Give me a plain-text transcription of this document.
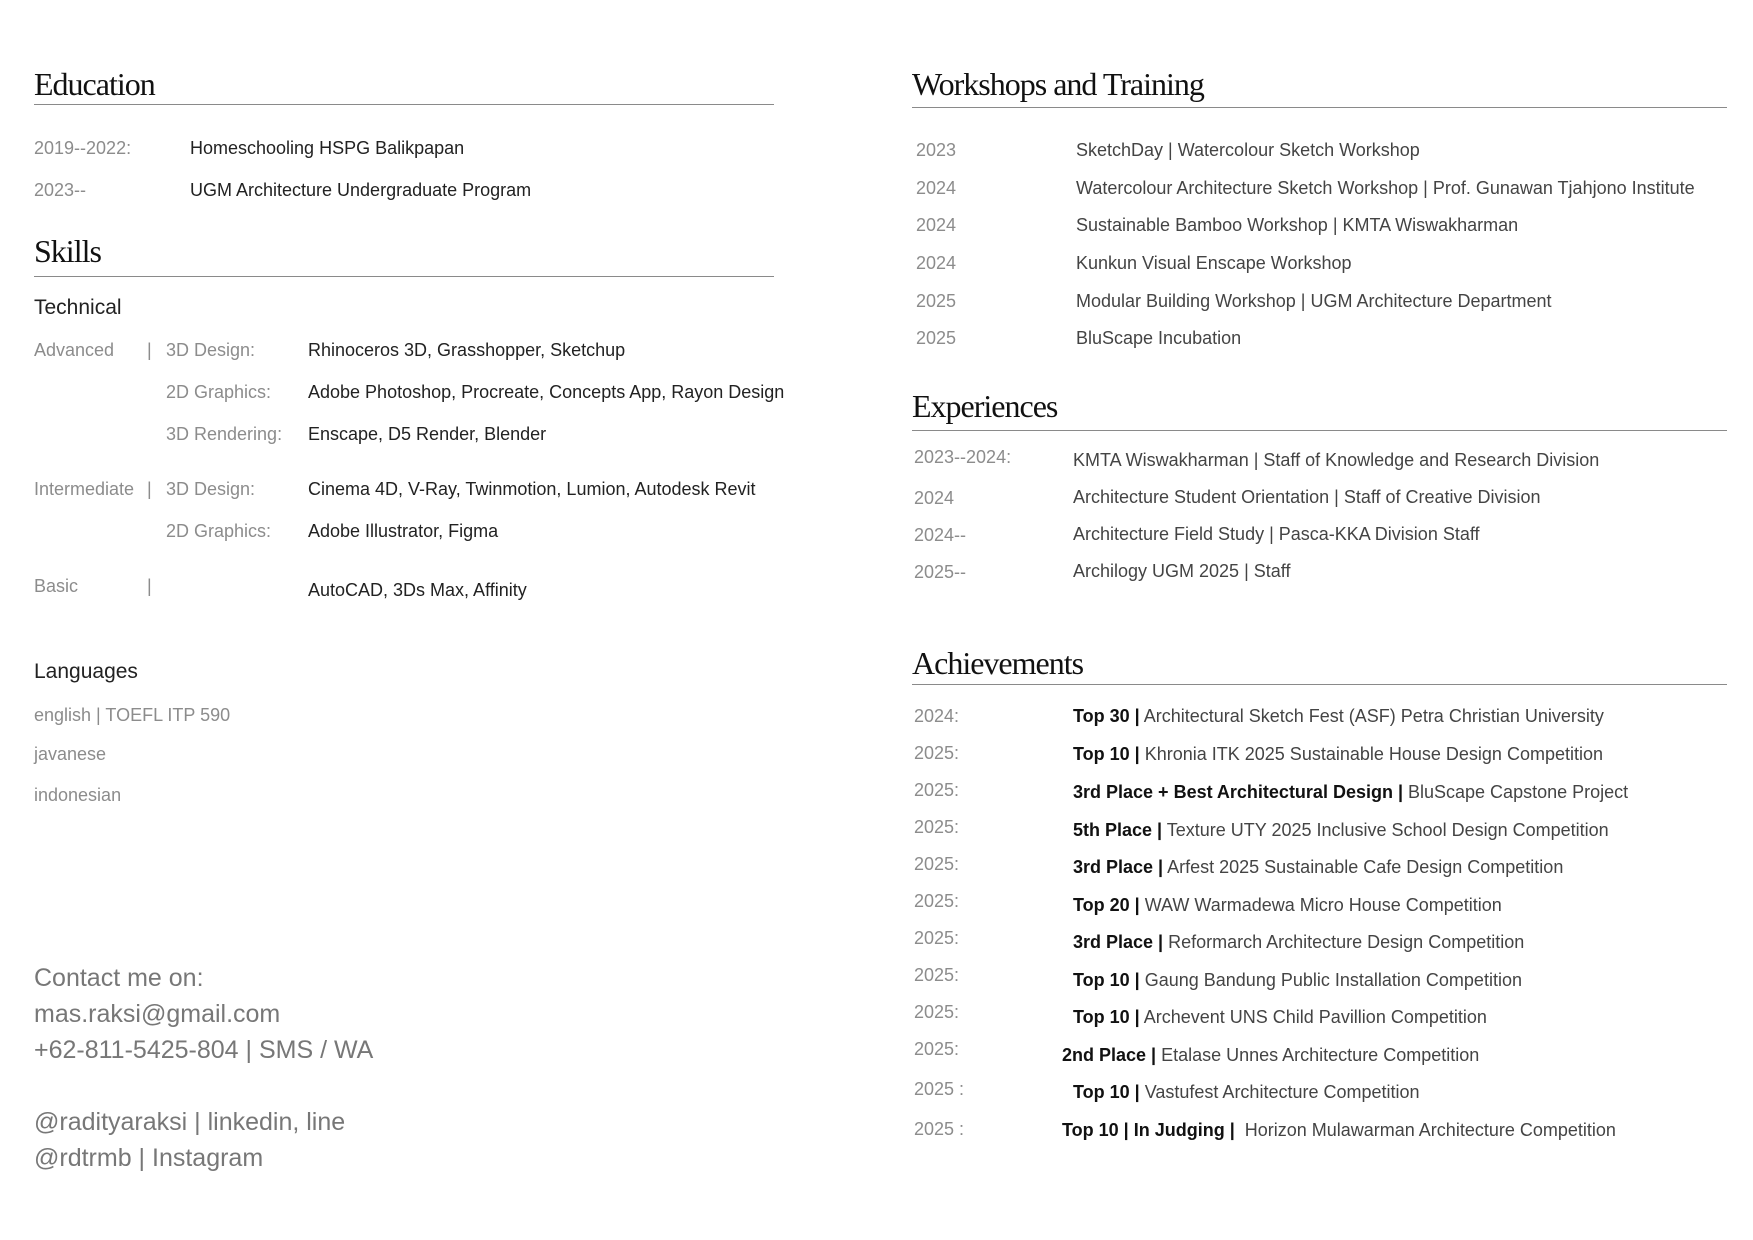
Education
2019--2022:	Homeschooling HSPG Balikpapan
2023--	UGM Architecture Undergraduate Program
Skills
Technical
Advanced | 3D Design:	Rhinoceros 3D, Grasshopper, Sketchup
2D Graphics: Adobe Photoshop, Procreate, Concepts App, Rayon Design
3D Rendering: Enscape, D5 Render, Blender
Intermediate | 3D Design:	Cinema 4D, V-Ray, Twinmotion, Lumion, Autodesk Revit
2D Graphics: Adobe Illustrator, Figma
Basic	|	AutoCAD, 3Ds Max, Affinity
Languages
english | TOEFL ITP 590
javanese
indonesian
Contact me on:
mas.raksi@gmail.com
+62-811-5425-804 | SMS / WA
@radityaraksi | linkedin, line
@rdtrmb | Instagram
Workshops and Training
2023	SketchDay | Watercolour Sketch Workshop
2024	Watercolour Architecture Sketch Workshop | Prof. Gunawan Tjahjono Institute
2024	Sustainable Bamboo Workshop | KMTA Wiswakharman
2024	Kunkun Visual Enscape Workshop
2025	Modular Building Workshop | UGM Architecture Department
2025	BluScape Incubation
Experiences
2023--2024:	KMTA Wiswakharman | Staff of Knowledge and Research Division
2024	Architecture Student Orientation | Staff of Creative Division
2024--	Architecture Field Study | Pasca-KKA Division Staff
2025--	Archilogy UGM 2025 | Staff
Achievements
2024:	Top 30 | Architectural Sketch Fest (ASF) Petra Christian University
2025:	Top 10 | Khronia ITK 2025 Sustainable House Design Competition
2025:	3rd Place + Best Architectural Design | BluScape Capstone Project
2025:	5th Place | Texture UTY 2025 Inclusive School Design Competition
2025:	3rd Place | Arfest 2025 Sustainable Cafe Design Competition
2025:	Top 20 | WAW Warmadewa Micro House Competition
2025:	3rd Place | Reformarch Architecture Design Competition
2025:	Top 10 | Gaung Bandung Public Installation Competition
2025:	Top 10 | Archevent UNS Child Pavillion Competition
2025:	2nd Place | Etalase Unnes Architecture Competition
2025 :	Top 10 | Vastufest Architecture Competition
2025 :	Top 10 | In Judging |  Horizon Mulawarman Architecture Competition
